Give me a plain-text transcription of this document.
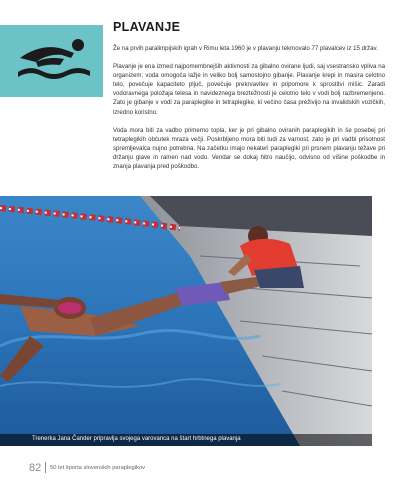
PLAVANJE

Že na prvih paralimpijskih igrah v Rimu leta 1960 je v plavanju tekmovalo 77 plavalcev iz 15 držav.

Plavanje je ena izmed najpomembnejših aktivnosti za gibalno ovirane ljudi, saj vsestransko vpliva na organizem; voda omogoča lažje in veliko bolj samostojno gibanje. Plavanje krepi in masira celotno telo, povečuje kapaciteto pljuč, povečuje prekrvavitev in pripomore k sprostitvi mišic. Zaradi vodoravnega položaja telesa in navideznega breztežnosti je celotno telo v vodi bolj razbremenjeno. Zato je gibanje v vodi za paraplegike in tetraplegike, ki večino časa preživijo na invalidskih vozičkih, izredno koristno.

Voda mora biti za vadbo primerno topla, ker je pri gibalno oviranih paraplegikih in še posebej pri tetraplegikih občutek mraza večji. Poskrbljeno mora biti tudi za varnost, zato je pri vadbi prisotnost spremljevalca nujno potrebna. Na začetku imajo nekateri paraplegiki pri prsnem plavanju težave pri držanju glave in ramen nad vodo. Vendar se dokaj hitro naučijo, odvisno od višine poškodbe in znanja plavanja pred poškodbo.

Trenerka Jana Čander pripravlja svojega varovanca na štart hrbtnega plavanja
82 50 let športa slovenskih paraplegikov
